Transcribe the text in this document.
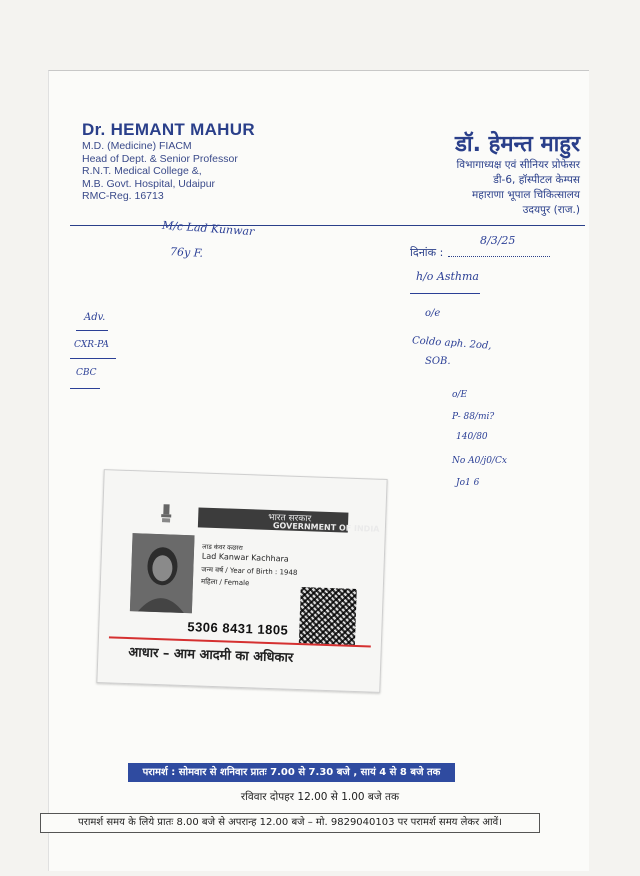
Dr. HEMANT MAHUR
M.D. (Medicine) FIACM
Head of Dept. & Senior Professor
R.N.T. Medical College &,
M.B. Govt. Hospital, Udaipur
RMC-Reg. 16713
डॉ. हेमन्त माहुर
विभागाध्यक्ष एवं सीनियर प्रोफेसर
डी-6, हॉस्पीटल केम्पस
महाराणा भूपाल चिकित्सालय
उदयपुर (राज.)
दिनांक :
M/c Lad Kunwar
76y F.
8/3/25
h/o Asthma
Adv.
CXR-PA
CBC
o/e
Coldo aph. 2od,
SOB.
o/E
P- 88/mi?
140/80
No A0/j0/Cx
Jo1 6
भारत सरकार
GOVERNMENT OF INDIA
लाड कंवर कछारा
Lad Kanwar Kachhara
जन्म वर्ष / Year of Birth : 1948
महिला / Female
5306 8431 1805
आधार – आम आदमी का अधिकार
परामर्श : सोमवार से शनिवार प्रातः 7.00 से 7.30 बजे , सायं 4 से 8 बजे तक
रविवार दोपहर 12.00 से 1.00 बजे तक
परामर्श समय के लिये प्रातः 8.00 बजे से अपरान्ह 12.00 बजे – मो. 9829040103 पर परामर्श समय लेकर आवें।
